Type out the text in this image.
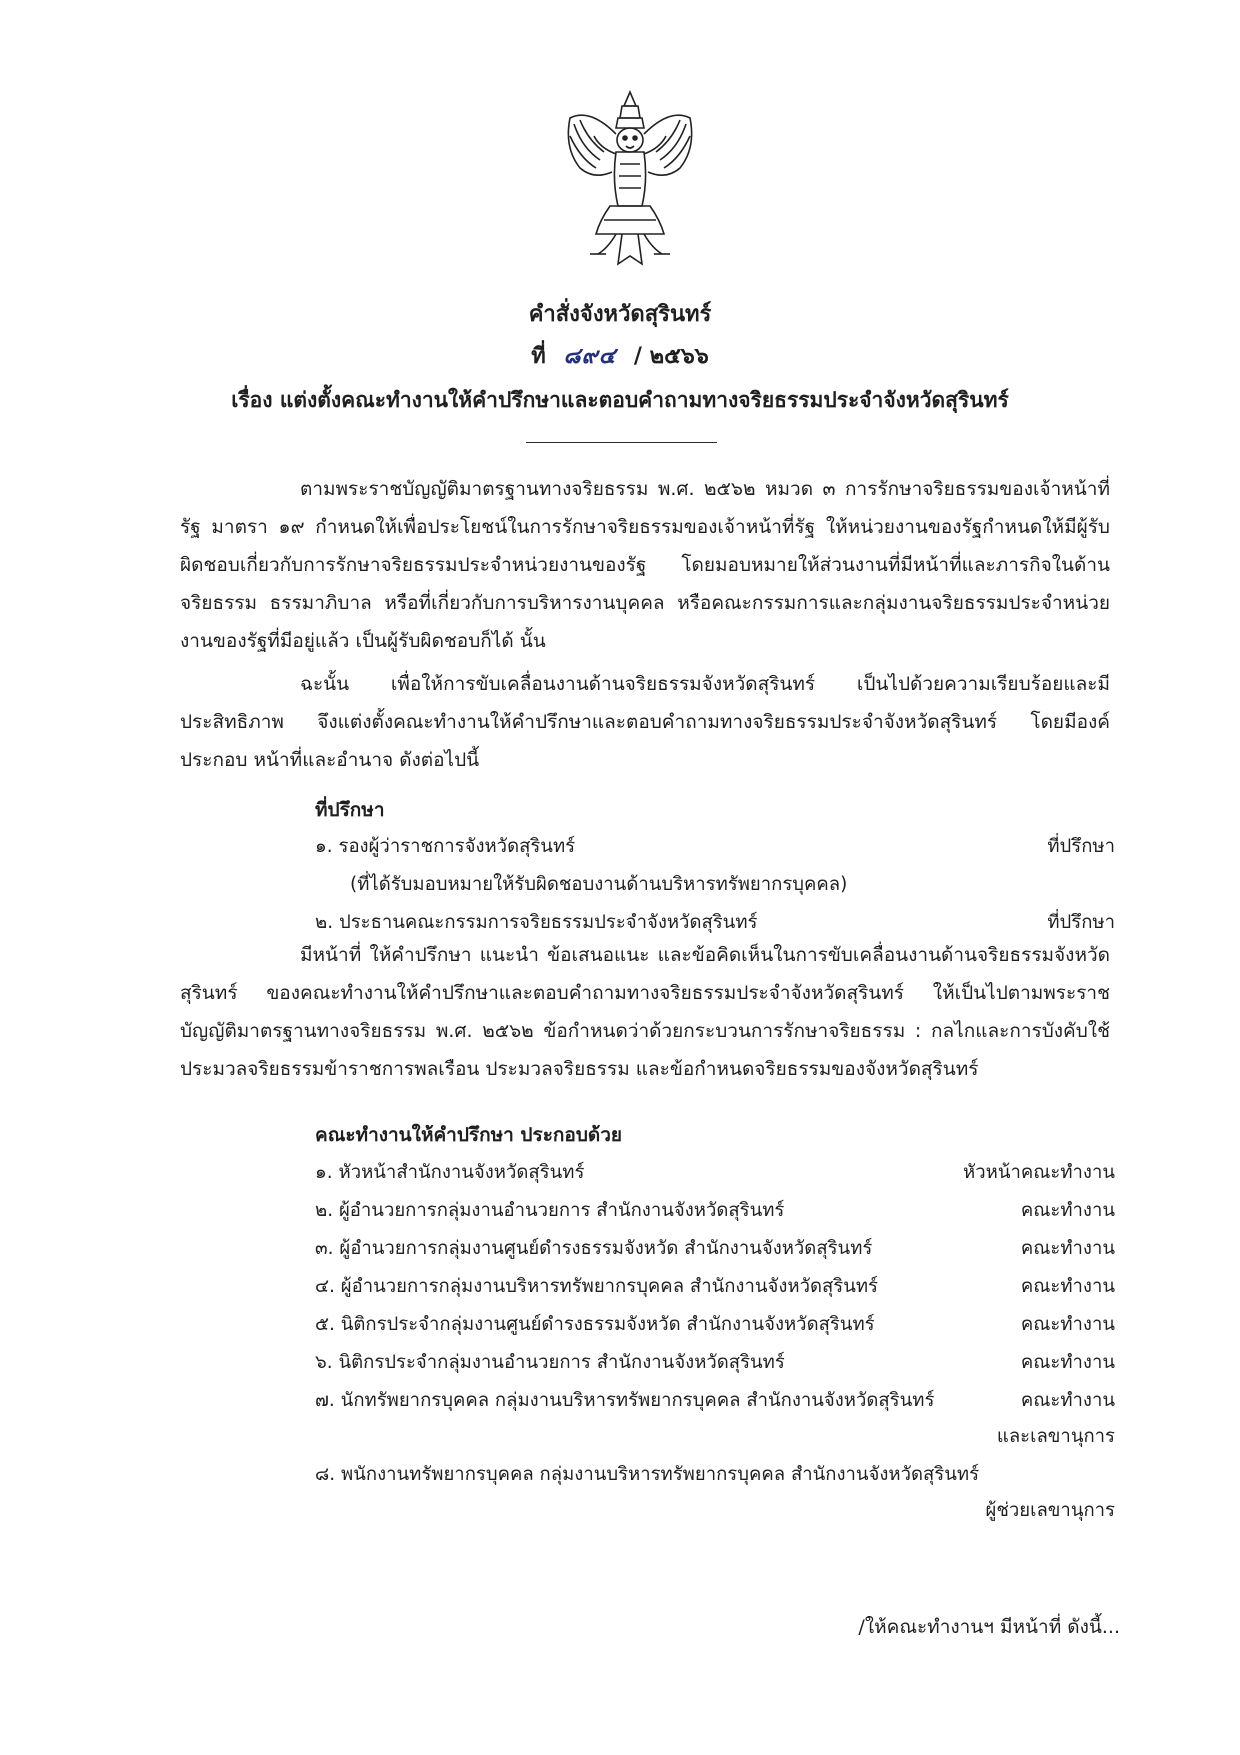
คำสั่งจังหวัดสุรินทร์
ที่ ๘๙๔ / ๒๕๖๖
เรื่อง แต่งตั้งคณะทำงานให้คำปรึกษาและตอบคำถามทางจริยธรรมประจำจังหวัดสุรินทร์

ตามพระราชบัญญัติมาตรฐานทางจริยธรรม พ.ศ. ๒๕๖๒ หมวด ๓ การรักษาจริยธรรมของเจ้าหน้าที่รัฐ มาตรา ๑๙ กำหนดให้เพื่อประโยชน์ในการรักษาจริยธรรมของเจ้าหน้าที่รัฐ ให้หน่วยงานของรัฐกำหนดให้มีผู้รับผิดชอบเกี่ยวกับการรักษาจริยธรรมประจำหน่วยงานของรัฐ โดยมอบหมายให้ส่วนงานที่มีหน้าที่และภารกิจในด้านจริยธรรม ธรรมาภิบาล หรือที่เกี่ยวกับการบริหารงานบุคคล หรือคณะกรรมการและกลุ่มงานจริยธรรมประจำหน่วยงานของรัฐที่มีอยู่แล้ว เป็นผู้รับผิดชอบก็ได้ นั้น

ฉะนั้น เพื่อให้การขับเคลื่อนงานด้านจริยธรรมจังหวัดสุรินทร์ เป็นไปด้วยความเรียบร้อยและมีประสิทธิภาพ จึงแต่งตั้งคณะทำงานให้คำปรึกษาและตอบคำถามทางจริยธรรมประจำจังหวัดสุรินทร์ โดยมีองค์ประกอบ หน้าที่และอำนาจ ดังต่อไปนี้

ที่ปรึกษา
๑. รองผู้ว่าราชการจังหวัดสุรินทร์	ที่ปรึกษา
(ที่ได้รับมอบหมายให้รับผิดชอบงานด้านบริหารทรัพยากรบุคคล)
๒. ประธานคณะกรรมการจริยธรรมประจำจังหวัดสุรินทร์	ที่ปรึกษา

มีหน้าที่ ให้คำปรึกษา แนะนำ ข้อเสนอแนะ และข้อคิดเห็นในการขับเคลื่อนงานด้านจริยธรรมจังหวัดสุรินทร์ ของคณะทำงานให้คำปรึกษาและตอบคำถามทางจริยธรรมประจำจังหวัดสุรินทร์ ให้เป็นไปตามพระราชบัญญัติมาตรฐานทางจริยธรรม พ.ศ. ๒๕๖๒ ข้อกำหนดว่าด้วยกระบวนการรักษาจริยธรรม : กลไกและการบังคับใช้ประมวลจริยธรรมข้าราชการพลเรือน ประมวลจริยธรรม และข้อกำหนดจริยธรรมของจังหวัดสุรินทร์

คณะทำงานให้คำปรึกษา ประกอบด้วย
๑. หัวหน้าสำนักงานจังหวัดสุรินทร์	หัวหน้าคณะทำงาน
๒. ผู้อำนวยการกลุ่มงานอำนวยการ สำนักงานจังหวัดสุรินทร์	คณะทำงาน
๓. ผู้อำนวยการกลุ่มงานศูนย์ดำรงธรรมจังหวัด สำนักงานจังหวัดสุรินทร์	คณะทำงาน
๔. ผู้อำนวยการกลุ่มงานบริหารทรัพยากรบุคคล สำนักงานจังหวัดสุรินทร์	คณะทำงาน
๕. นิติกรประจำกลุ่มงานศูนย์ดำรงธรรมจังหวัด สำนักงานจังหวัดสุรินทร์	คณะทำงาน
๖. นิติกรประจำกลุ่มงานอำนวยการ สำนักงานจังหวัดสุรินทร์	คณะทำงาน
๗. นักทรัพยากรบุคคล กลุ่มงานบริหารทรัพยากรบุคคล สำนักงานจังหวัดสุรินทร์	คณะทำงาน
และเลขานุการ
๘. พนักงานทรัพยากรบุคคล กลุ่มงานบริหารทรัพยากรบุคคล สำนักงานจังหวัดสุรินทร์
ผู้ช่วยเลขานุการ
/ให้คณะทำงานฯ มีหน้าที่ ดังนี้...
